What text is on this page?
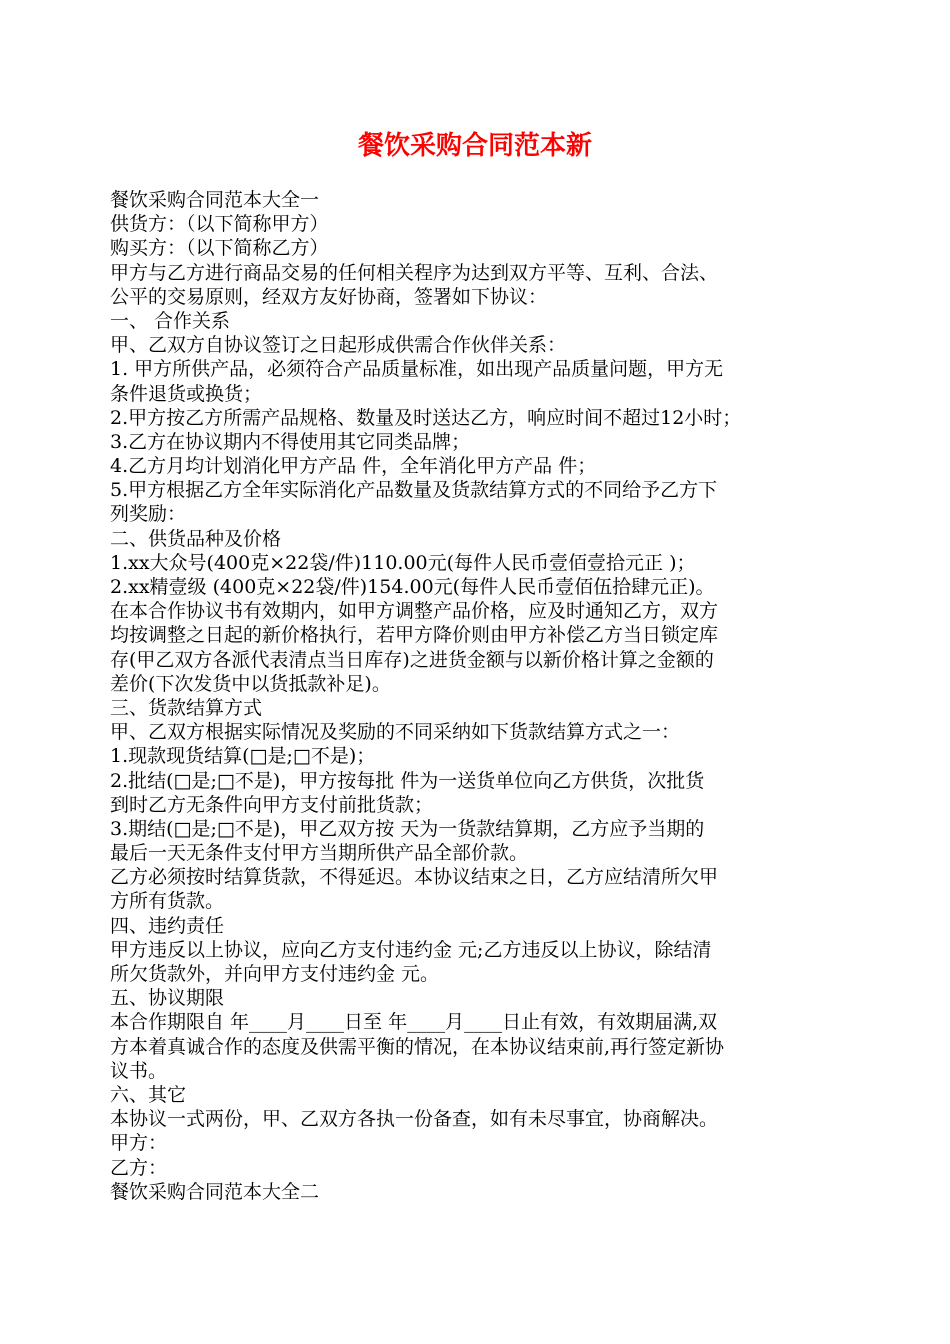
餐饮采购合同范本新

餐饮采购合同范本大全一

供货方：（以下简称甲方）

购买方：（以下简称乙方）

甲方与乙方进行商品交易的任何相关程序为达到双方平等、互利、合法、

公平的交易原则，经双方友好协商，签署如下协议：

一、 合作关系

甲、乙双方自协议签订之日起形成供需合作伙伴关系：

1. 甲方所供产品，必须符合产品质量标准，如出现产品质量问题，甲方无

条件退货或换货；

2.甲方按乙方所需产品规格、数量及时送达乙方，响应时间不超过12小时；

3.乙方在协议期内不得使用其它同类品牌；

4.乙方月均计划消化甲方产品 件，全年消化甲方产品 件；

5.甲方根据乙方全年实际消化产品数量及货款结算方式的不同给予乙方下

列奖励：

二、供货品种及价格

1.xx大众号(400克×22袋/件)110.00元(每件人民币壹佰壹拾元正 )；

2.xx精壹级 (400克×22袋/件)154.00元(每件人民币壹佰伍拾肆元正)。

在本合作协议书有效期内，如甲方调整产品价格，应及时通知乙方，双方

均按调整之日起的新价格执行，若甲方降价则由甲方补偿乙方当日锁定库

存(甲乙双方各派代表清点当日库存)之进货金额与以新价格计算之金额的

差价(下次发货中以货抵款补足)。

三、货款结算方式

甲、乙双方根据实际情况及奖励的不同采纳如下货款结算方式之一：

1.现款现货结算(□是;□不是)；

2.批结(□是;□不是)，甲方按每批 件为一送货单位向乙方供货，次批货

到时乙方无条件向甲方支付前批货款；

3.期结(□是;□不是)，甲乙双方按 天为一货款结算期，乙方应予当期的

最后一天无条件支付甲方当期所供产品全部价款。

乙方必须按时结算货款，不得延迟。本协议结束之日，乙方应结清所欠甲

方所有货款。

四、违约责任

甲方违反以上协议，应向乙方支付违约金 元;乙方违反以上协议，除结清

所欠货款外，并向甲方支付违约金 元。

五、协议期限

本合作期限自 年____月____日至 年____月____日止有效，有效期届满,双

方本着真诚合作的态度及供需平衡的情况，在本协议结束前,再行签定新协

议书。

六、其它

本协议一式两份，甲、乙双方各执一份备查，如有未尽事宜，协商解决。

甲方：

乙方：

餐饮采购合同范本大全二
